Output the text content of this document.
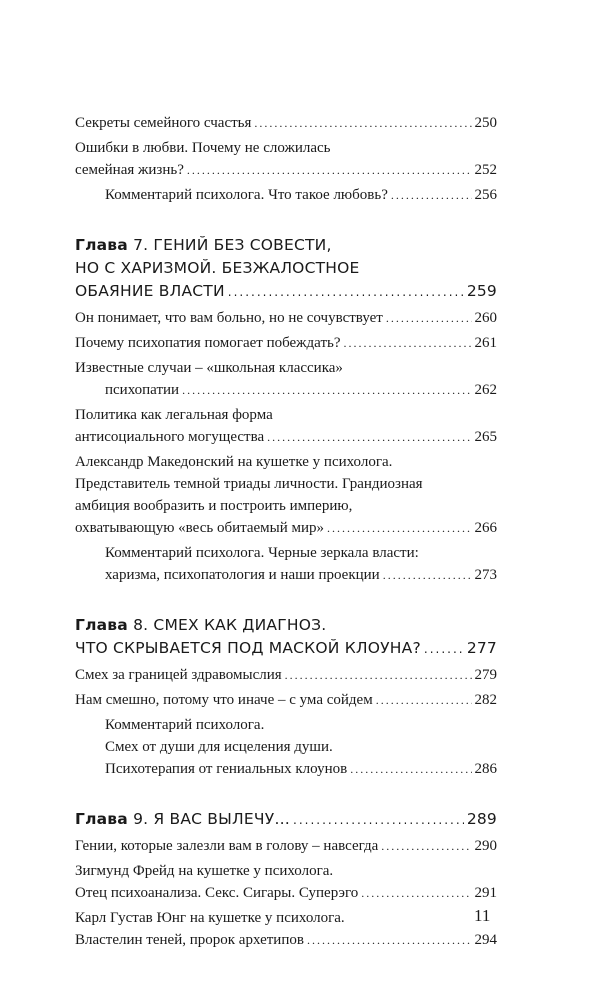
Секреты семейного счастья .....	250
Ошибки в любви. Почему не сложилась
семейная жизнь? .....	252
Комментарий психолога. Что такое любовь? .....	256
Глава 7. ГЕНИЙ БЕЗ СОВЕСТИ,
НО С ХАРИЗМОЙ. БЕЗЖАЛОСТНОЕ
ОБАЯНИЕ ВЛАСТИ .....	259
Он понимает, что вам больно, но не сочувствует .....	260
Почему психопатия помогает побеждать? .....	261
Известные случаи – «школьная классика»
психопатии .....	262
Политика как легальная форма
антисоциального могущества .....	265
Александр Македонский на кушетке у психолога.
Представитель темной триады личности. Грандиозная
амбиция вообразить и построить империю,
охватывающую «весь обитаемый мир» .....	266
Комментарий психолога. Черные зеркала власти:
харизма, психопатология и наши проекции .....	273
Глава 8. СМЕХ КАК ДИАГНОЗ.
ЧТО СКРЫВАЕТСЯ ПОД МАСКОЙ КЛОУНА? .....	277
Смех за границей здравомыслия .....	279
Нам смешно, потому что иначе – с ума сойдем .....	282
Комментарий психолога.
Смех от души для исцеления души.
Психотерапия от гениальных клоунов .....	286
Глава 9. Я ВАС ВЫЛЕЧУ… .....	289
Гении, которые залезли вам в голову – навсегда .....	290
Зигмунд Фрейд на кушетке у психолога.
Отец психоанализа. Секс. Сигары. Суперэго .....	291
Карл Густав Юнг на кушетке у психолога.
Властелин теней, пророк архетипов .....	294
11
